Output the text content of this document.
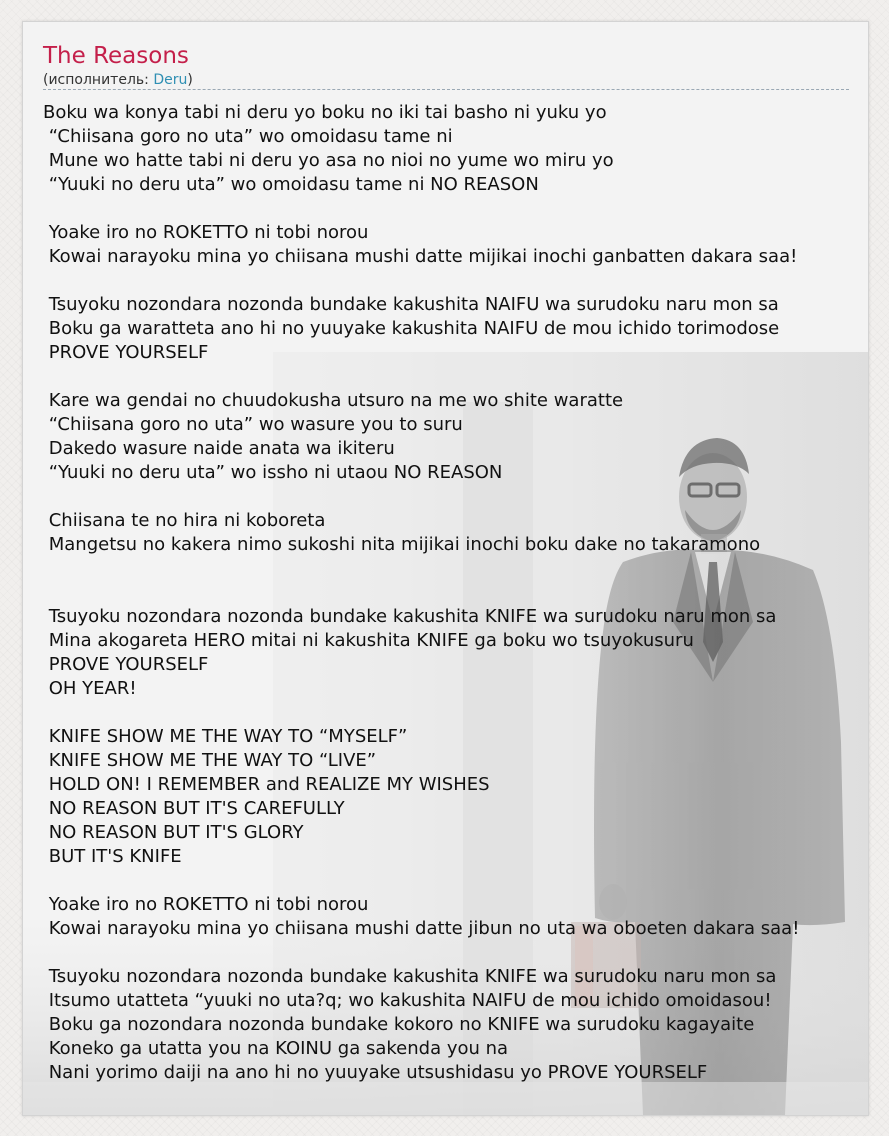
The Reasons
(исполнитель: Deru)
Boku wa konya tabi ni deru yo boku no iki tai basho ni yuku yo
“Chiisana goro no uta” wo omoidasu tame ni
Mune wo hatte tabi ni deru yo asa no nioi no yume wo miru yo
“Yuuki no deru uta” wo omoidasu tame ni NO REASON
Yoake iro no ROKETTO ni tobi norou
Kowai narayoku mina yo chiisana mushi datte mijikai inochi ganbatten dakara saa!
Tsuyoku nozondara nozonda bundake kakushita NAIFU wa surudoku naru mon sa
Boku ga waratteta ano hi no yuuyake kakushita NAIFU de mou ichido torimodose
PROVE YOURSELF
Kare wa gendai no chuudokusha utsuro na me wo shite waratte
“Chiisana goro no uta” wo wasure you to suru
Dakedo wasure naide anata wa ikiteru
“Yuuki no deru uta” wo issho ni utaou NO REASON
Chiisana te no hira ni koboreta
Mangetsu no kakera nimo sukoshi nita mijikai inochi boku dake no takaramono
Tsuyoku nozondara nozonda bundake kakushita KNIFE wa surudoku naru mon sa
Mina akogareta HERO mitai ni kakushita KNIFE ga boku wo tsuyokusuru
PROVE YOURSELF
OH YEAR!
KNIFE SHOW ME THE WAY TO “MYSELF”
KNIFE SHOW ME THE WAY TO “LIVE”
HOLD ON! I REMEMBER and REALIZE MY WISHES
NO REASON BUT IT'S CAREFULLY
NO REASON BUT IT'S GLORY
BUT IT'S KNIFE
Yoake iro no ROKETTO ni tobi norou
Kowai narayoku mina yo chiisana mushi datte jibun no uta wa oboeten dakara saa!
Tsuyoku nozondara nozonda bundake kakushita KNIFE wa surudoku naru mon sa
Itsumo utatteta “yuuki no uta?q; wo kakushita NAIFU de mou ichido omoidasou!
Boku ga nozondara nozonda bundake kokoro no KNIFE wa surudoku kagayaite
Koneko ga utatta you na KOINU ga sakenda you na
Nani yorimo daiji na ano hi no yuuyake utsushidasu yo PROVE YOURSELF
